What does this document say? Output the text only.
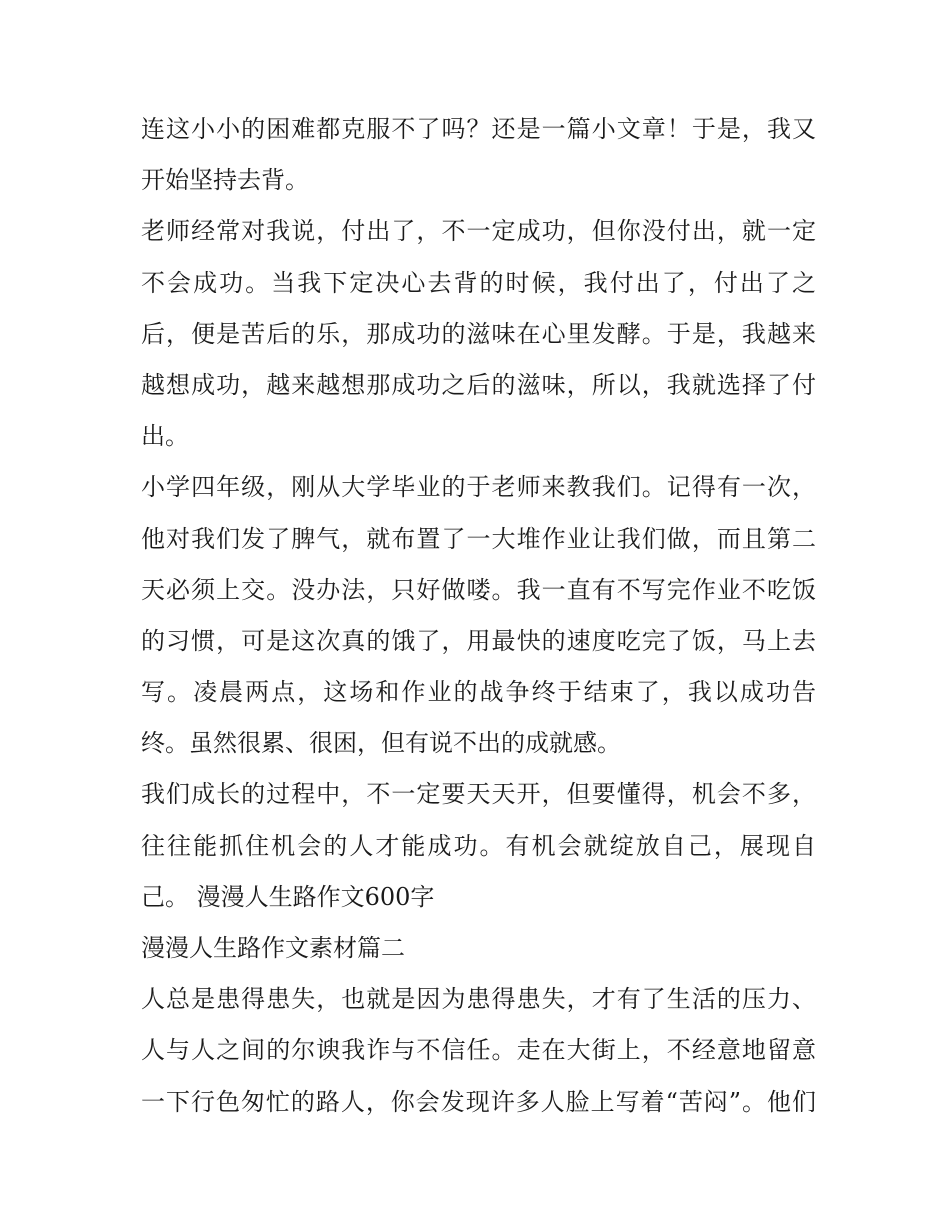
连这小小的困难都克服不了吗？还是一篇小文章！于是，我又
开始坚持去背。
老师经常对我说，付出了，不一定成功，但你没付出，就一定
不会成功。当我下定决心去背的时候，我付出了，付出了之
后，便是苦后的乐，那成功的滋味在心里发酵。于是，我越来
越想成功，越来越想那成功之后的滋味，所以，我就选择了付
出。
小学四年级，刚从大学毕业的于老师来教我们。记得有一次，
他对我们发了脾气，就布置了一大堆作业让我们做，而且第二
天必须上交。没办法，只好做喽。我一直有不写完作业不吃饭
的习惯，可是这次真的饿了，用最快的速度吃完了饭，马上去
写。凌晨两点，这场和作业的战争终于结束了，我以成功告
终。虽然很累、很困，但有说不出的成就感。
我们成长的过程中，不一定要天天开，但要懂得，机会不多，
往往能抓住机会的人才能成功。有机会就绽放自己，展现自
己。 漫漫人生路作文600字
漫漫人生路作文素材篇二
人总是患得患失，也就是因为患得患失，才有了生活的压力、
人与人之间的尔谀我诈与不信任。走在大街上，不经意地留意
一下行色匆忙的路人，你会发现许多人脸上写着“苦闷”。他们
